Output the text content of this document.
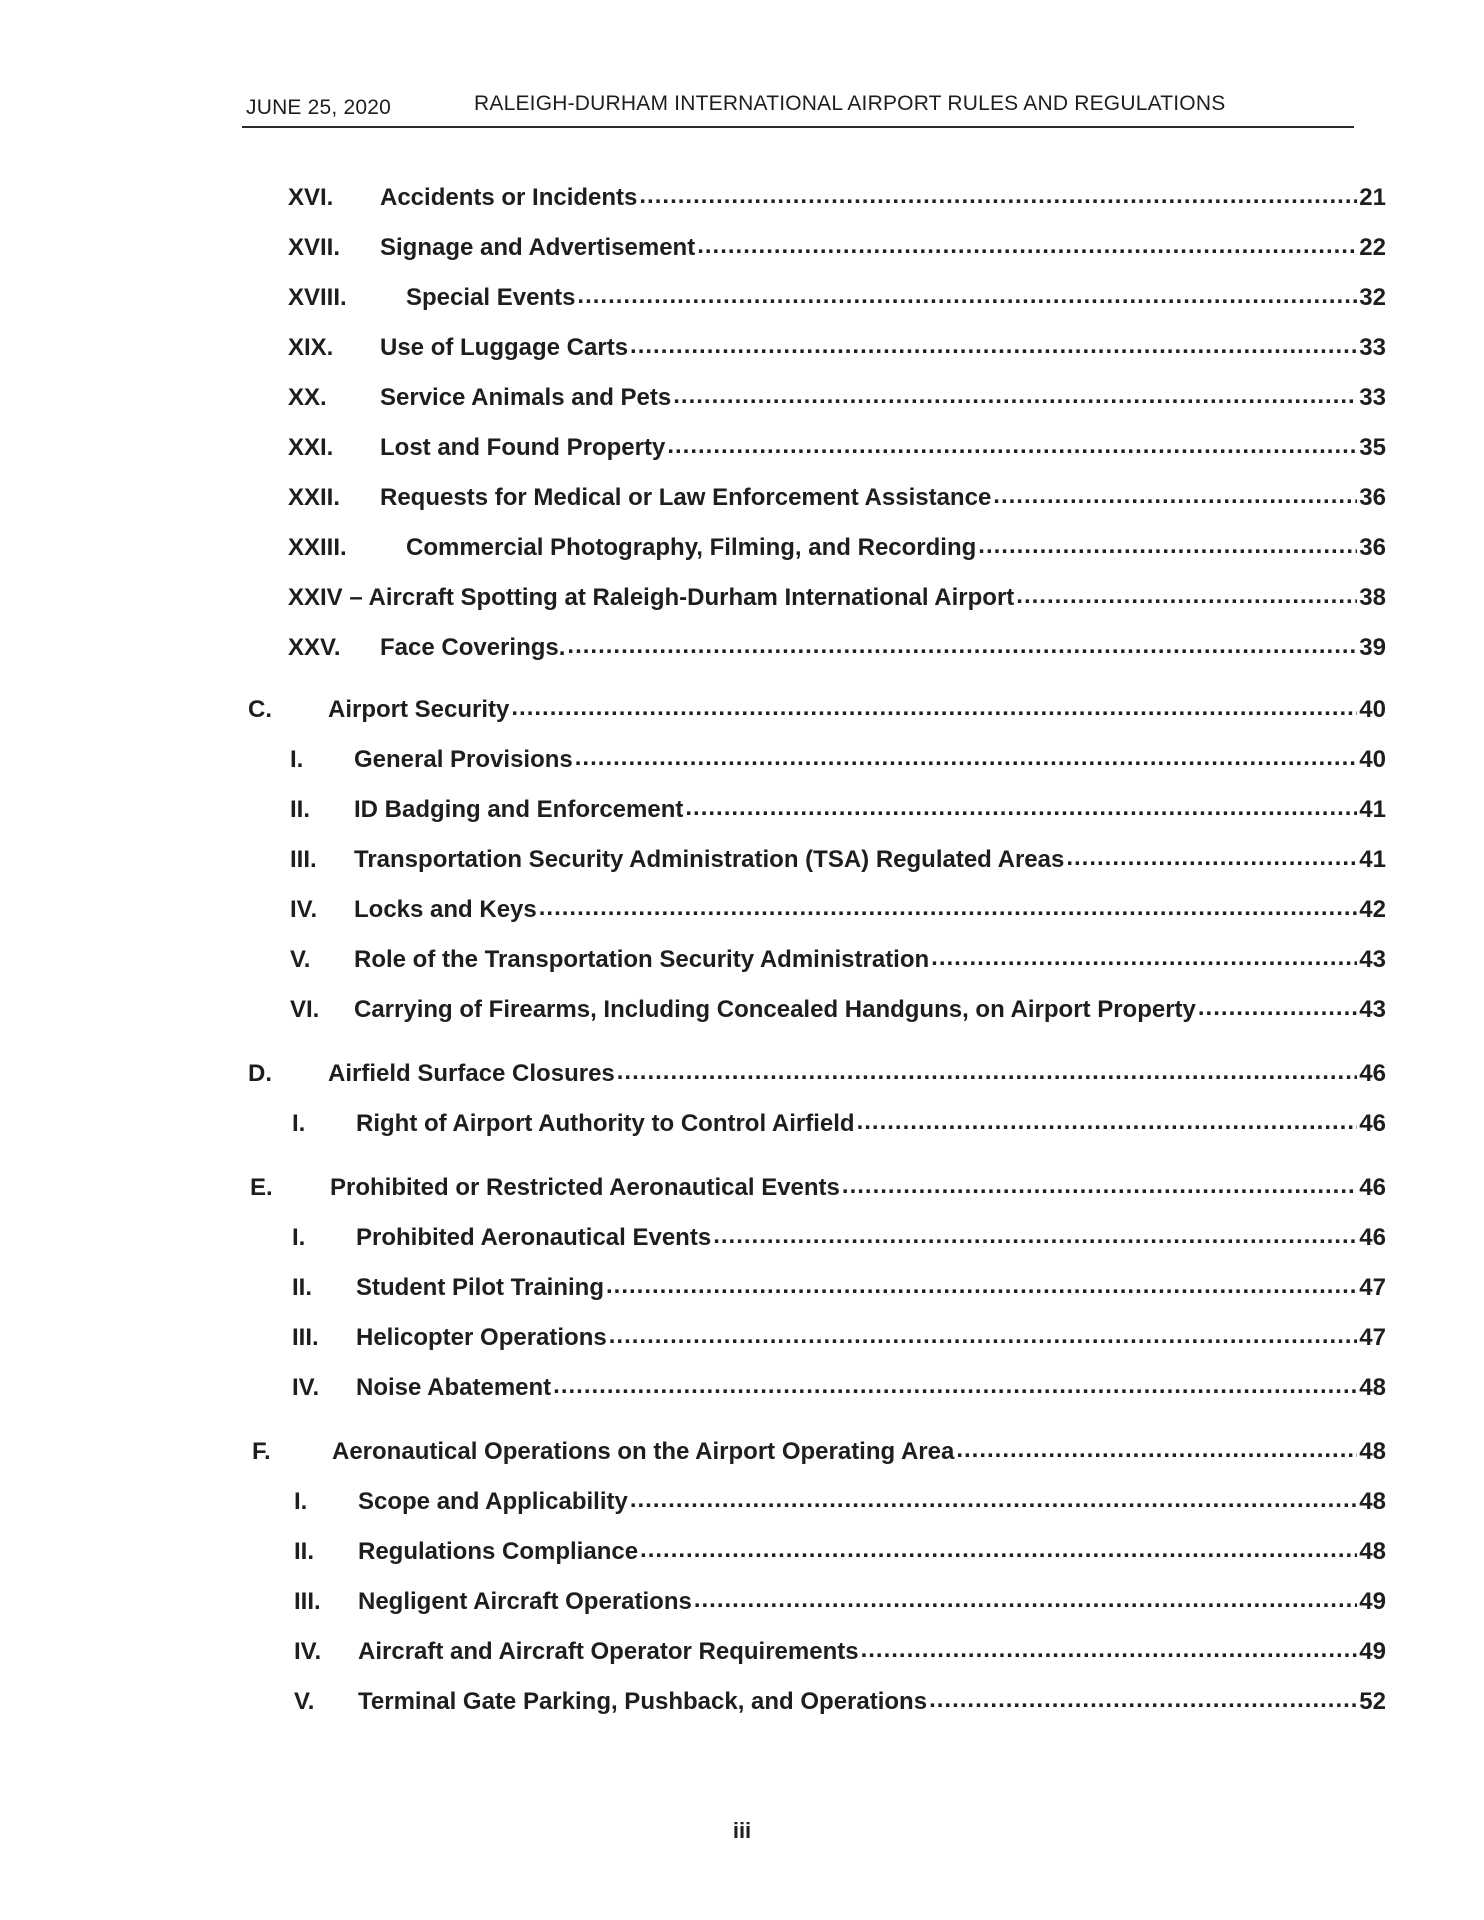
JUNE 25, 2020	RALEIGH-DURHAM INTERNATIONAL AIRPORT RULES AND REGULATIONS
XVI.	Accidents or Incidents .....	21
XVII.	Signage and Advertisement .....	22
XVIII.	Special Events .....	32
XIX.	Use of Luggage Carts .....	33
XX.	Service Animals and Pets .....	33
XXI.	Lost and Found Property .....	35
XXII.	Requests for Medical or Law Enforcement Assistance .....	36
XXIII.	Commercial Photography, Filming, and Recording .....	36
XXIV – Aircraft Spotting at Raleigh-Durham International Airport .....	38
XXV.	Face Coverings. .....	39
C.	Airport Security .....	40
I.	General Provisions .....	40
II.	ID Badging and Enforcement .....	41
III.	Transportation Security Administration (TSA) Regulated Areas .....	41
IV.	Locks and Keys .....	42
V.	Role of the Transportation Security Administration .....	43
VI.	Carrying of Firearms, Including Concealed Handguns, on Airport Property .....	43
D.	Airfield Surface Closures .....	46
I.	Right of Airport Authority to Control Airfield .....	46
E.	Prohibited or Restricted Aeronautical Events .....	46
I.	Prohibited Aeronautical Events .....	46
II.	Student Pilot Training .....	47
III.	Helicopter Operations .....	47
IV.	Noise Abatement .....	48
F.	Aeronautical Operations on the Airport Operating Area .....	48
I.	Scope and Applicability .....	48
II.	Regulations Compliance .....	48
III.	Negligent Aircraft Operations .....	49
IV.	Aircraft and Aircraft Operator Requirements .....	49
V.	Terminal Gate Parking, Pushback, and Operations .....	52
iii
